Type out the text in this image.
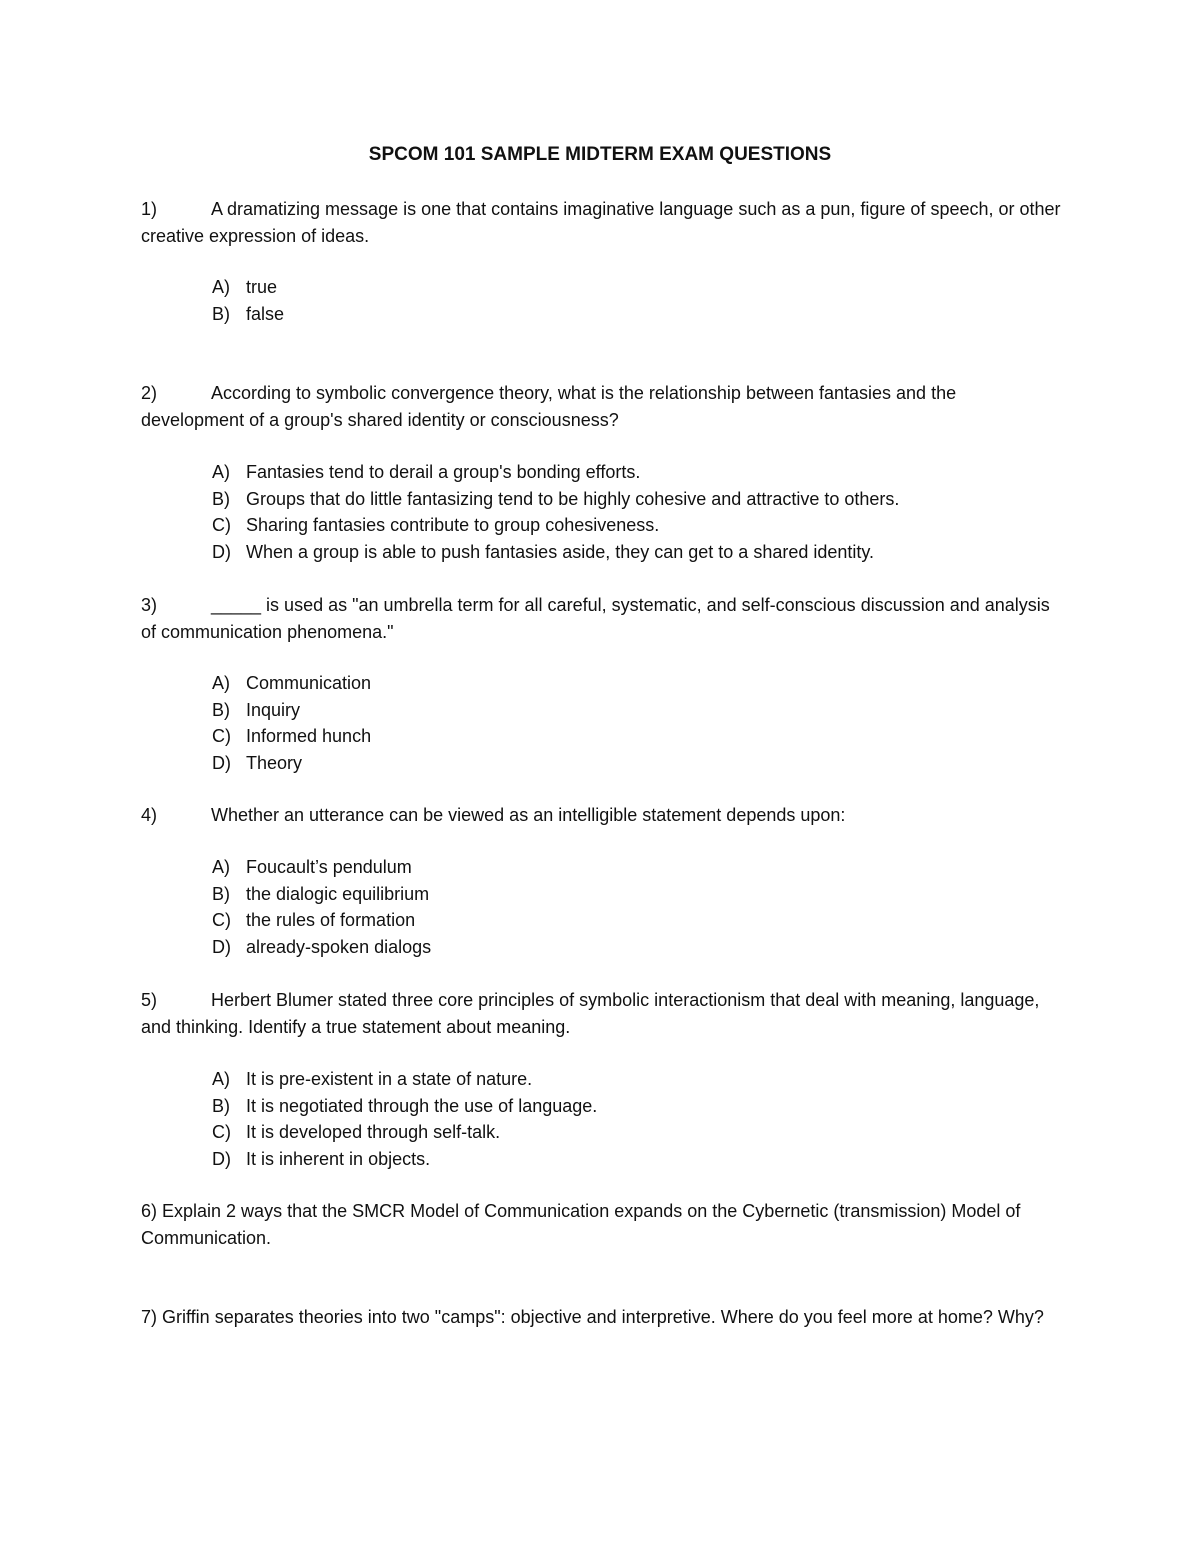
SPCOM 101 SAMPLE MIDTERM EXAM QUESTIONS
1)	A dramatizing message is one that contains imaginative language such as a pun, figure of speech, or other creative expression of ideas.
A) true
B) false
2)	According to symbolic convergence theory, what is the relationship between fantasies and the development of a group's shared identity or consciousness?
A) Fantasies tend to derail a group's bonding efforts.
B) Groups that do little fantasizing tend to be highly cohesive and attractive to others.
C) Sharing fantasies contribute to group cohesiveness.
D) When a group is able to push fantasies aside, they can get to a shared identity.
3)	_____ is used as "an umbrella term for all careful, systematic, and self-conscious discussion and analysis of communication phenomena."
A) Communication
B) Inquiry
C) Informed hunch
D) Theory
4)	Whether an utterance can be viewed as an intelligible statement depends upon:
A) Foucault’s pendulum
B) the dialogic equilibrium
C) the rules of formation
D) already-spoken dialogs
5)	Herbert Blumer stated three core principles of symbolic interactionism that deal with meaning, language, and thinking. Identify a true statement about meaning.
A) It is pre-existent in a state of nature.
B) It is negotiated through the use of language.
C) It is developed through self-talk.
D) It is inherent in objects.
6) Explain 2 ways that the SMCR Model of Communication expands on the Cybernetic (transmission) Model of Communication.
7) Griffin separates theories into two "camps": objective and interpretive. Where do you feel more at home? Why?
